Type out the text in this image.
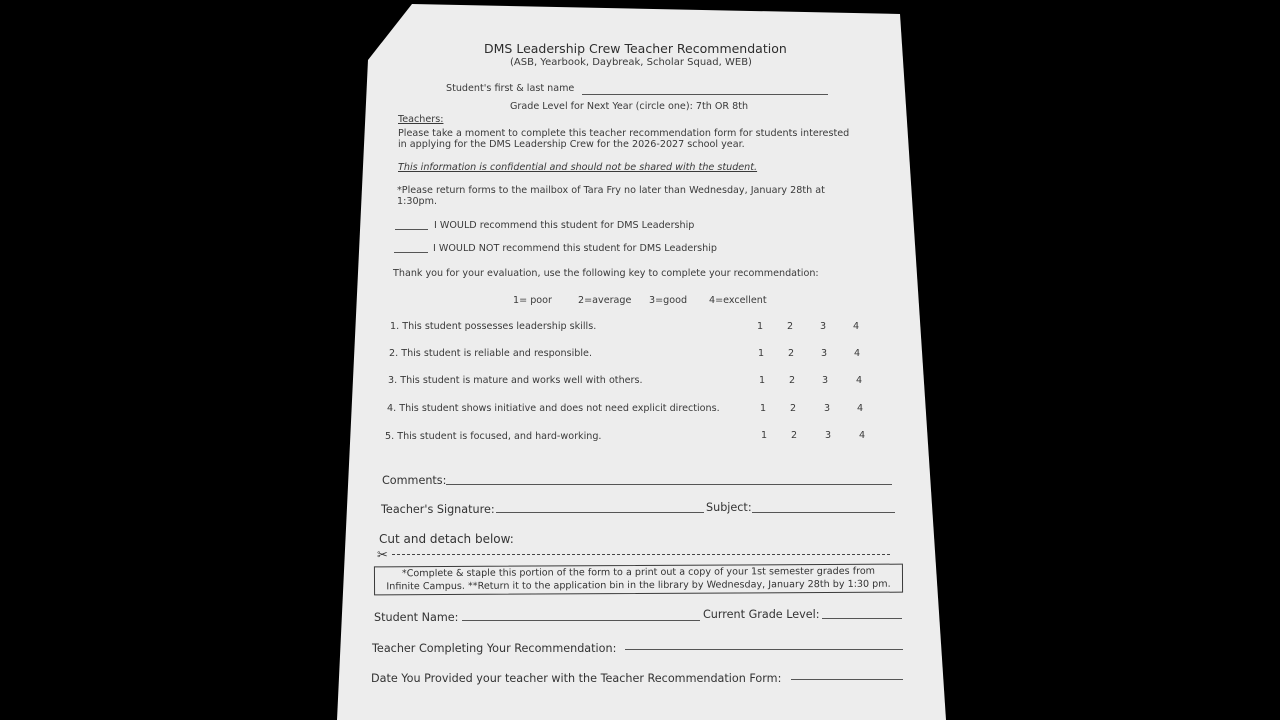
DMS Leadership Crew Teacher Recommendation
(ASB, Yearbook, Daybreak, Scholar Squad, WEB)
Student's first & last name
Grade Level for Next Year (circle one): 7th OR 8th
Teachers:
Please take a moment to complete this teacher recommendation form for students interested
in applying for the DMS Leadership Crew for the 2026-2027 school year.
This information is confidential and should not be shared with the student.
*Please return forms to the mailbox of Tara Fry no later than Wednesday, January 28th at
1:30pm.
I WOULD recommend this student for DMS Leadership
I WOULD NOT recommend this student for DMS Leadership
Thank you for your evaluation, use the following key to complete your recommendation:
1= poor	2=average 3=good 4=excellent
1. This student possesses leadership skills.	1 2	3	4
2. This student is reliable and responsible.	1 2	3	4
3. This student is mature and works well with others.	1 2	3	4
4. This student shows initiative and does not need explicit directions.	1 2	3	4
5. This student is focused, and hard-working.	1 2	3	4
Comments:
Teacher's Signature:	Subject:
Cut and detach below:
✂
*Complete & staple this portion of the form to a print out a copy of your 1st semester grades from
Infinite Campus. **Return it to the application bin in the library by Wednesday, January 28th by 1:30 pm.
Student Name:	Current Grade Level:
Teacher Completing Your Recommendation:
Date You Provided your teacher with the Teacher Recommendation Form:
